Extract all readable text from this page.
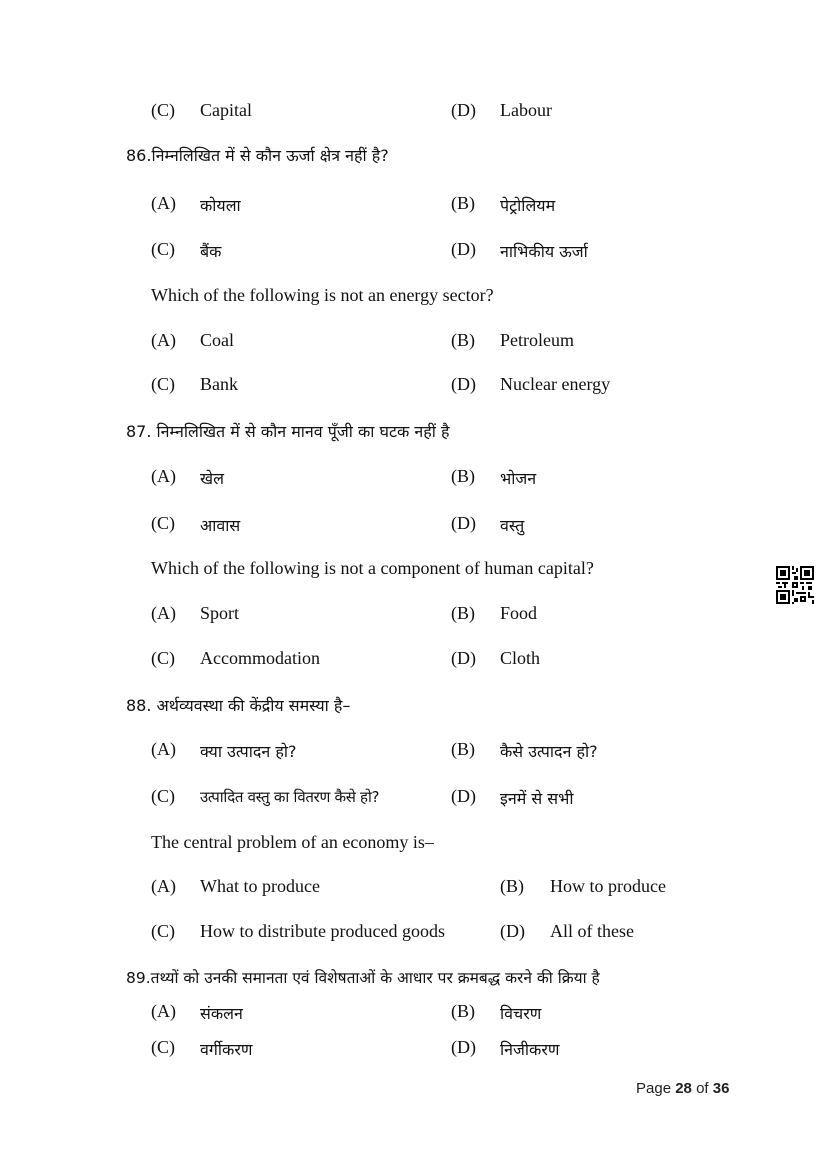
(C) Capital	(D) Labour
86.निम्नलिखित में से कौन ऊर्जा क्षेत्र नहीं है?
(A) कोयला	(B) पेट्रोलियम
(C) बैंक	(D) नाभिकीय ऊर्जा
Which of the following is not an energy sector?
(A) Coal	(B) Petroleum
(C) Bank	(D) Nuclear energy
87. निम्नलिखित में से कौन मानव पूँजी का घटक नहीं है
(A) खेल	(B) भोजन
(C) आवास	(D) वस्तु
Which of the following is not a component of human capital?
(A) Sport	(B) Food
(C) Accommodation	(D) Cloth
88. अर्थव्यवस्था की केंद्रीय समस्या है–
(A) क्या उत्पादन हो?	(B) कैसे उत्पादन हो?
(C) उत्पादित वस्तु का वितरण कैसे हो?	(D) इनमें से सभी
The central problem of an economy is–
(A) What to produce	(B) How to produce
(C) How to distribute produced goods	(D) All of these
89.तथ्यों को उनकी समानता एवं विशेषताओं के आधार पर क्रमबद्ध करने की क्रिया है
(A) संकलन	(B) विचरण
(C) वर्गीकरण	(D) निजीकरण
Page 28 of 36
